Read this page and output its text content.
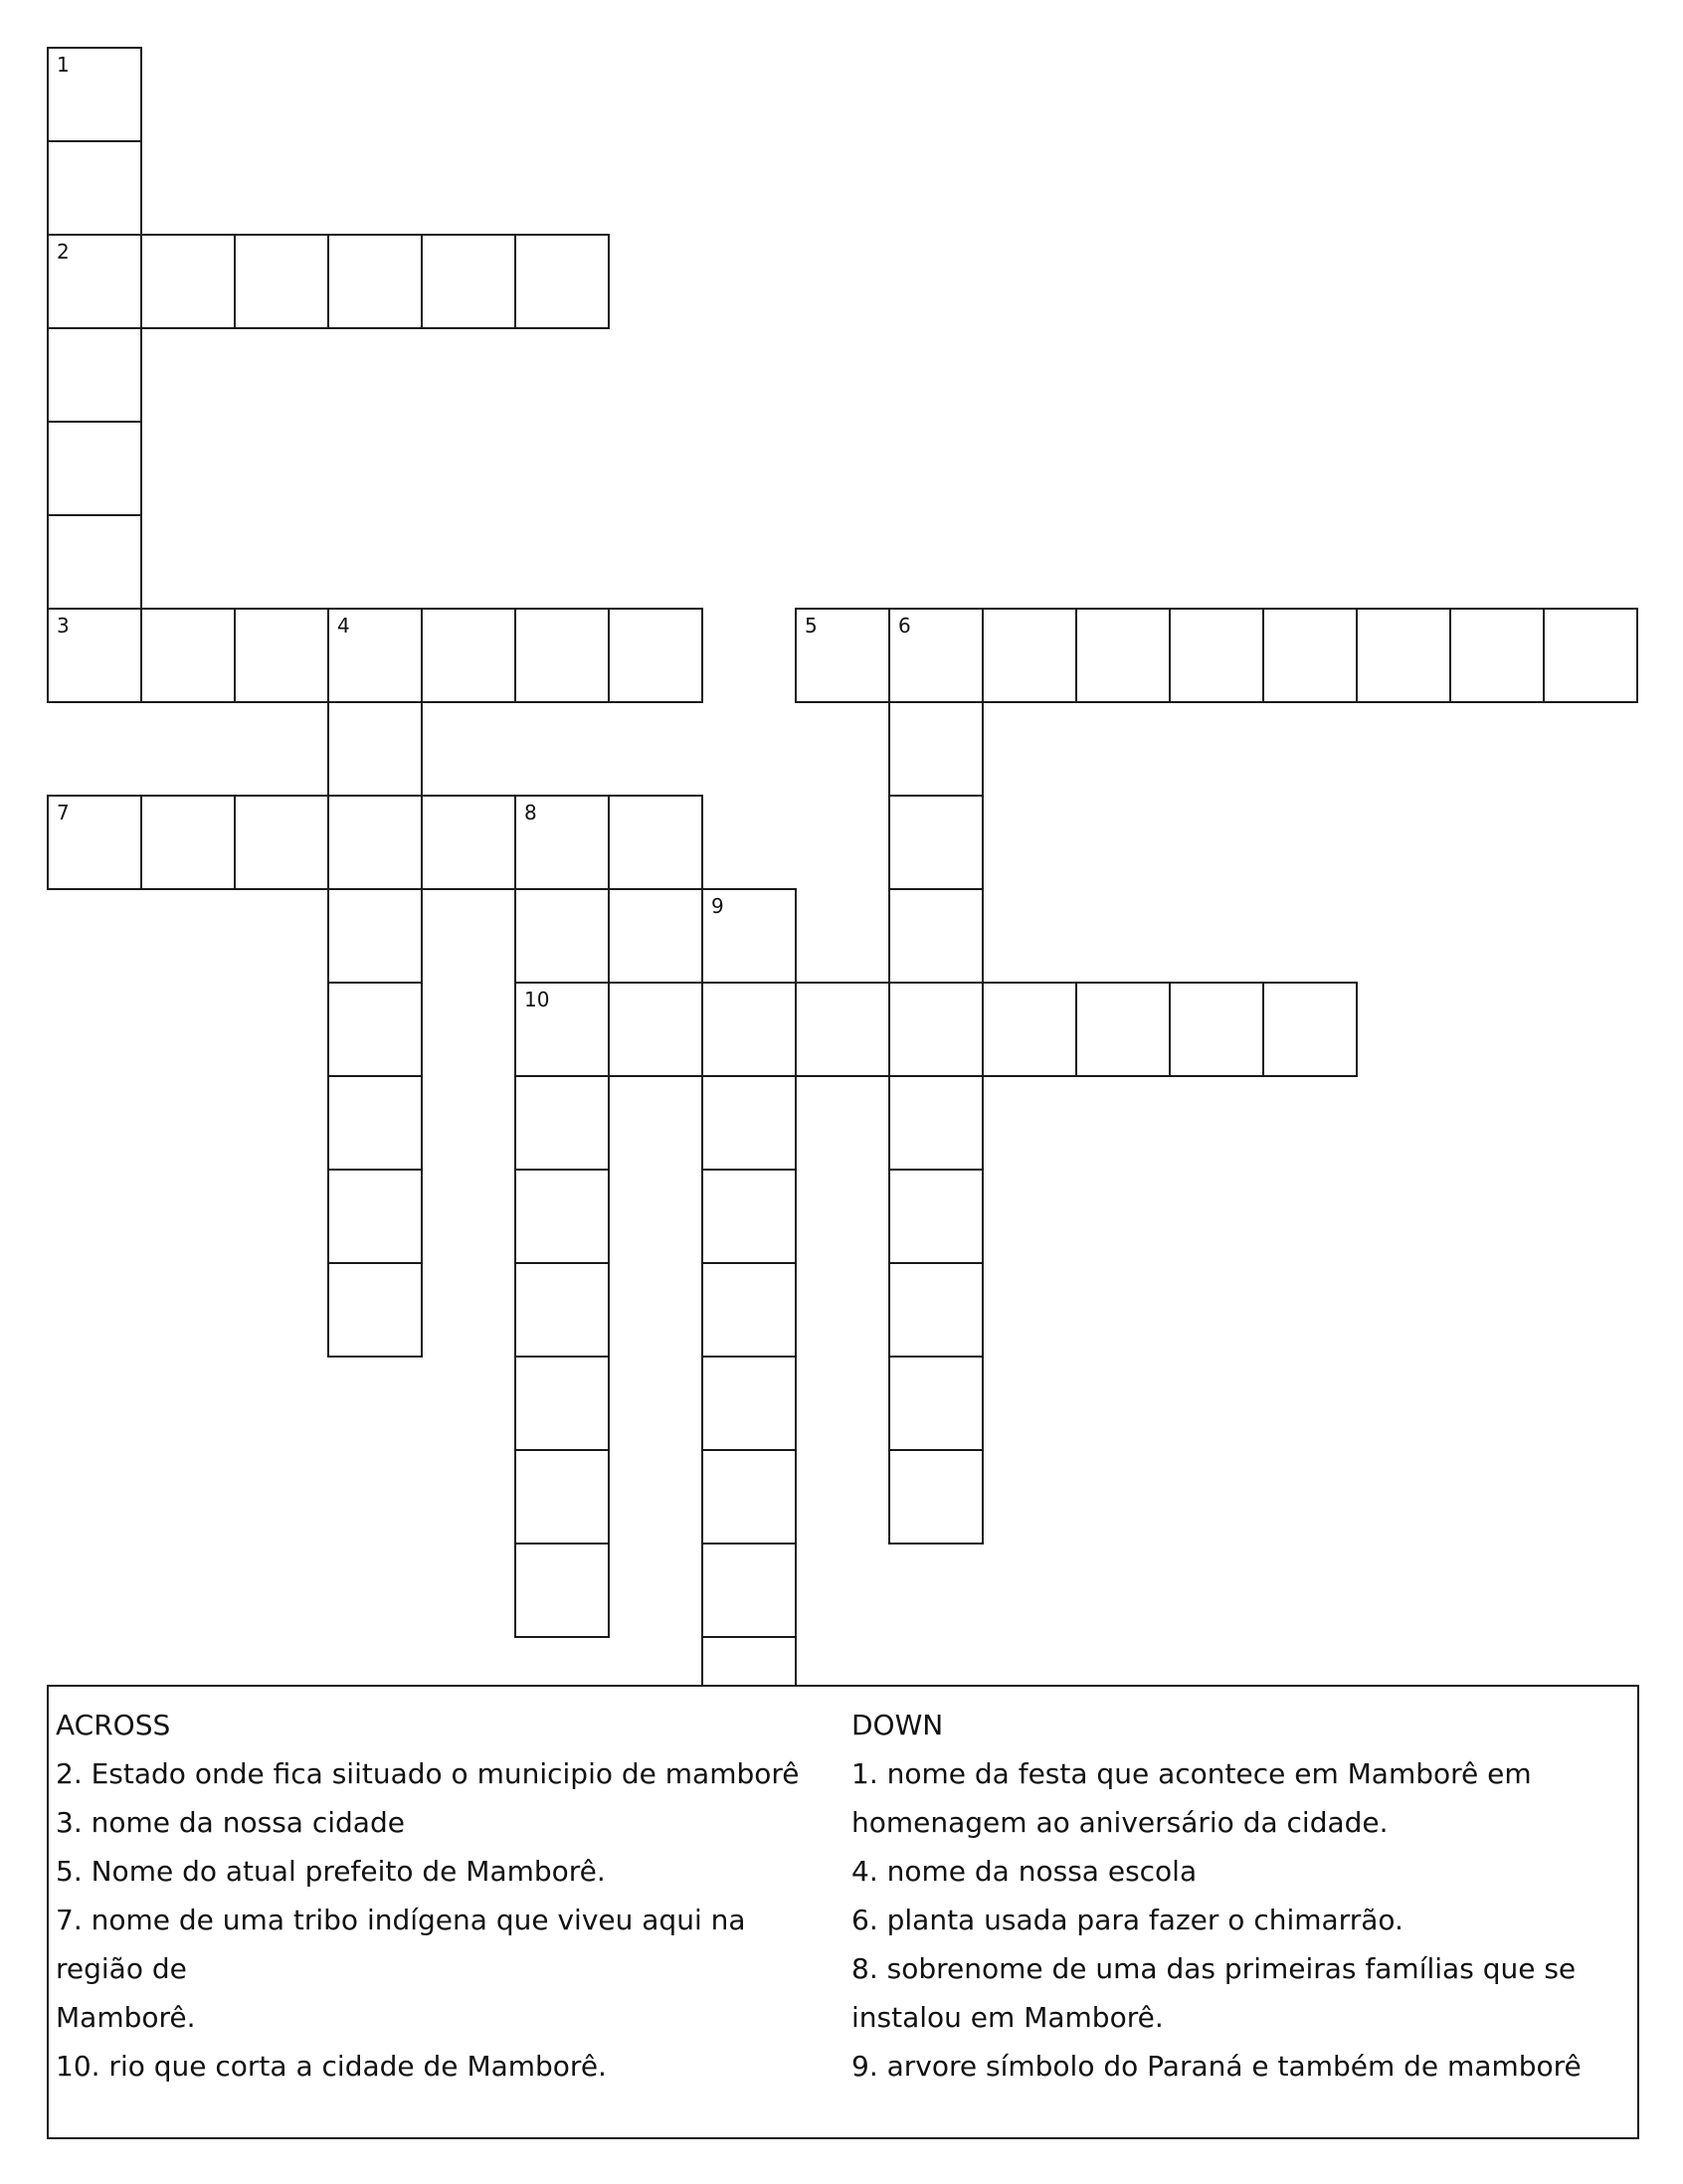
1
2
3	4	5	6
7	8
10
9
ACROSS
2. Estado onde fica siituado o municipio de mamborê
3. nome da nossa cidade
5. Nome do atual prefeito de Mamborê.
7. nome de uma tribo indígena que viveu aqui na região de
Mamborê.
10. rio que corta a cidade de Mamborê.
DOWN
1. nome da festa que acontece em Mamborê em
homenagem ao aniversário da cidade.
4. nome da nossa escola
6. planta usada para fazer o chimarrão.
8. sobrenome de uma das primeiras famílias que se
instalou em Mamborê.
9. arvore símbolo do Paraná e também de mamborê
